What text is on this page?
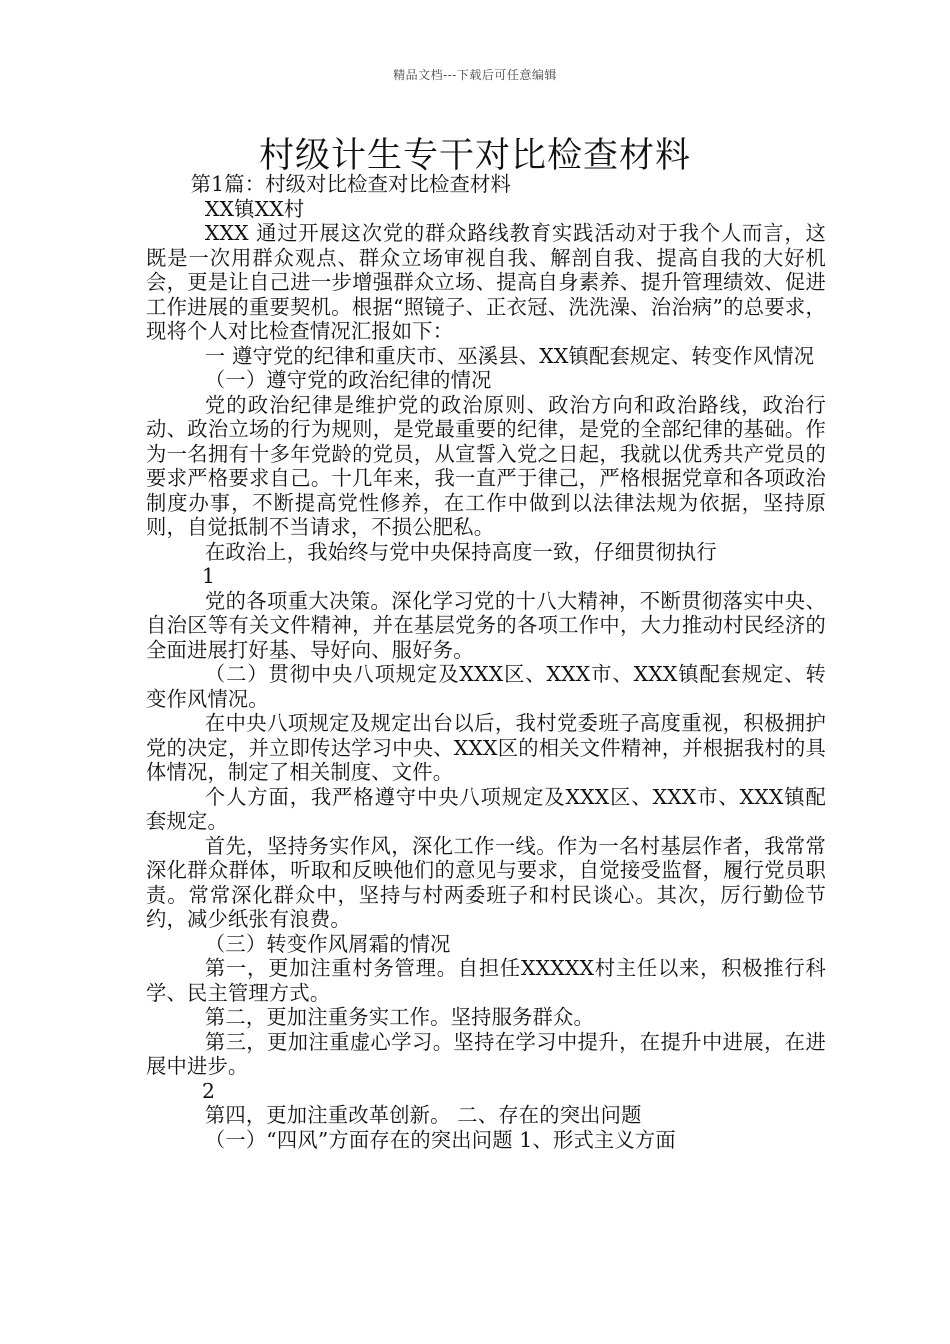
精品文档---下载后可任意编辑
村级计生专干对比检查材料

第1篇：村级对比检查对比检查材料

XX镇XX村

XXX 通过开展这次党的群众路线教育实践活动对于我个人而言，这既是一次用群众观点、群众立场审视自我、解剖自我、提高自我的大好机会，更是让自己进一步增强群众立场、提高自身素养、提升管理绩效、促进工作进展的重要契机。根据“照镜子、正衣冠、洗洗澡、治治病”的总要求，现将个人对比检查情况汇报如下：

一 遵守党的纪律和重庆市、巫溪县、XX镇配套规定、转变作风情况

（一）遵守党的政治纪律的情况

党的政治纪律是维护党的政治原则、政治方向和政治路线，政治行动、政治立场的行为规则，是党最重要的纪律，是党的全部纪律的基础。作为一名拥有十多年党龄的党员，从宣誓入党之日起，我就以优秀共产党员的要求严格要求自己。十几年来，我一直严于律己，严格根据党章和各项政治制度办事，不断提高党性修养，在工作中做到以法律法规为依据，坚持原则，自觉抵制不当请求，不损公肥私。

在政治上，我始终与党中央保持高度一致，仔细贯彻执行

1

党的各项重大决策。深化学习党的十八大精神，不断贯彻落实中央、自治区等有关文件精神，并在基层党务的各项工作中，大力推动村民经济的全面进展打好基、导好向、服好务。

（二）贯彻中央八项规定及XXX区、XXX市、XXX镇配套规定、转变作风情况。

在中央八项规定及规定出台以后，我村党委班子高度重视，积极拥护党的决定，并立即传达学习中央、XXX区的相关文件精神，并根据我村的具体情况，制定了相关制度、文件。

个人方面，我严格遵守中央八项规定及XXX区、XXX市、XXX镇配套规定。

首先，坚持务实作风，深化工作一线。作为一名村基层作者，我常常深化群众群体，听取和反映他们的意见与要求，自觉接受监督，履行党员职责。常常深化群众中，坚持与村两委班子和村民谈心。其次，厉行勤俭节约，减少纸张有浪费。

（三）转变作风屑霜的情况

第一，更加注重村务管理。自担任XXXXX村主任以来，积极推行科学、民主管理方式。

第二，更加注重务实工作。坚持服务群众。

第三，更加注重虚心学习。坚持在学习中提升，在提升中进展，在进展中进步。

2

第四，更加注重改革创新。 二、存在的突出问题

（一）“四风”方面存在的突出问题 1、形式主义方面
